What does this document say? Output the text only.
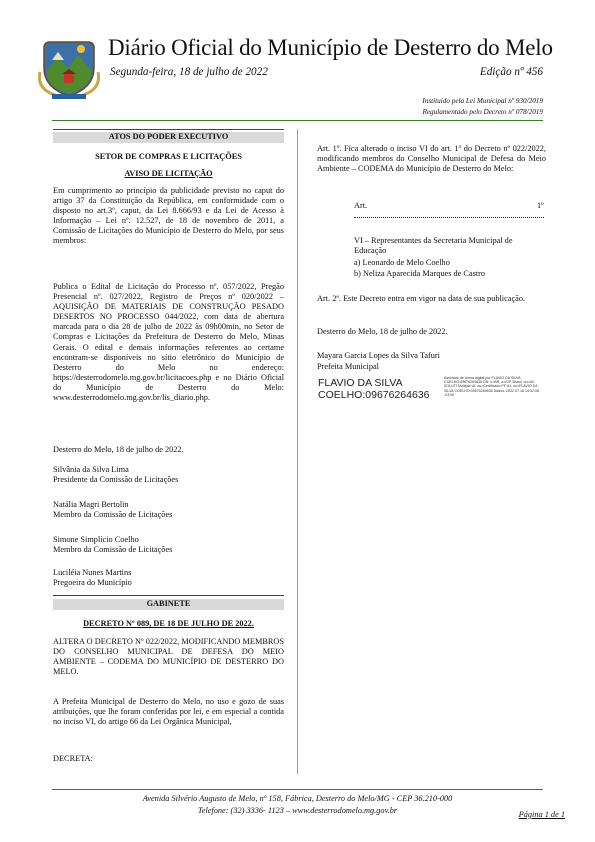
Diário Oficial do Município de Desterro do Melo
Segunda-feira, 18 de julho de 2022	Edição nº 456
Instituído pela Lei Municipal nº 930/2019
Regulamentado pelo Decreto nº 078/2019
ATOS DO PODER EXECUTIVO
SETOR DE COMPRAS E LICITAÇÕES
AVISO DE LICITAÇÃO
Em cumprimento ao princípio da publicidade previsto no caput do artigo 37 da Constituição da República, em conformidade com o disposto no art.3º, caput, da Lei 8.666/93 e da Lei de Acesso à Informação – Lei nº. 12.527, de 18 de novembro de 2011, a Comissão de Licitações do Município de Desterro do Melo, por seus membros:
Publica o Edital de Licitação do Processo nº. 057/2022, Pregão Presencial nº. 027/2022, Registro de Preços nº 020/2022 – AQUISIÇÃO DE MATERIAIS DE CONSTRUÇÃO PESADO DESERTOS NO PROCESSO 044/2022, com data de abertura marcada para o dia 28 de julho de 2022 às 09h00min, no Setor de Compras e Licitações da Prefeitura de Desterro do Melo, Minas Gerais. O edital e demais informações referentes ao certame encontram-se disponíveis no sítio eletrônico do Município de Desterro do Melo no endereço: https://desterrodomelo.mg.gov.br/licitacoes.php e no Diário Oficial do Município de Desterro do Melo: www.desterrodomelo.mg.gov.br/lis_diario.php.
Desterro do Melo, 18 de julho de 2022.
Silvânia da Silva Lima
Presidente da Comissão de Licitações
Natália Magri Bertolin
Membro da Comissão de Licitações
Simone Simplício Coelho
Membro da Comissão de Licitações
Luciléia Nunes Martins
Pregoeira do Município
GABINETE
DECRETO Nº 089, DE 18 DE JULHO DE 2022.
ALTERA O DECRETO Nº 022/2022, MODIFICANDO MEMBROS DO CONSELHO MUNICIPAL DE DEFESA DO MEIO AMBIENTE – CODEMA DO MUNICÍPIO DE DESTERRO DO MELO.
A Prefeita Municipal de Desterro do Melo, no uso e gozo de suas atribuições, que lhe foram conferidas por lei, e em especial a contida no inciso VI, do artigo 66 da Lei Orgânica Municipal,
DECRETA:
Art. 1º. Fica alterado o inciso VI do art. 1º do Decreto nº 022/2022, modificando membros do Conselho Municipal de Defesa do Meio Ambiente – CODEMA do Município de Desterro do Melo:
Art.	1º
VI – Representantes da Secretaria Municipal de Educação
a) Leonardo de Melo Coelho
b) Neliza Aparecida Marques de Castro
Art. 2º. Este Decreto entra em vigor na data de sua publicação.
Desterro do Melo, 18 de julho de 2022.
Mayara Garcia Lopes da Silva Tafuri
Prefeita Municipal
FLAVIO DA SILVA COELHO:09676264636
Assinado de forma digital por FLAVIO DA SILVA COELHO:09676264636 DN: c=BR, o=ICP-Brasil, ou=AC SOLUTI Multipla v5, ou=Certificado PF A1, cn=FLAVIO DA SILVA COELHO:09676264636 Dados: 2022.07.18 14:52:08 -03'00'
Avenida Silvério Augusto de Melo, nº 158, Fábrica, Desterro do Melo/MG - CEP 36.210-000
Telefone: (32) 3336- 1123 – www.desterrodomelo.mg.gov.br	Página 1 de 1
